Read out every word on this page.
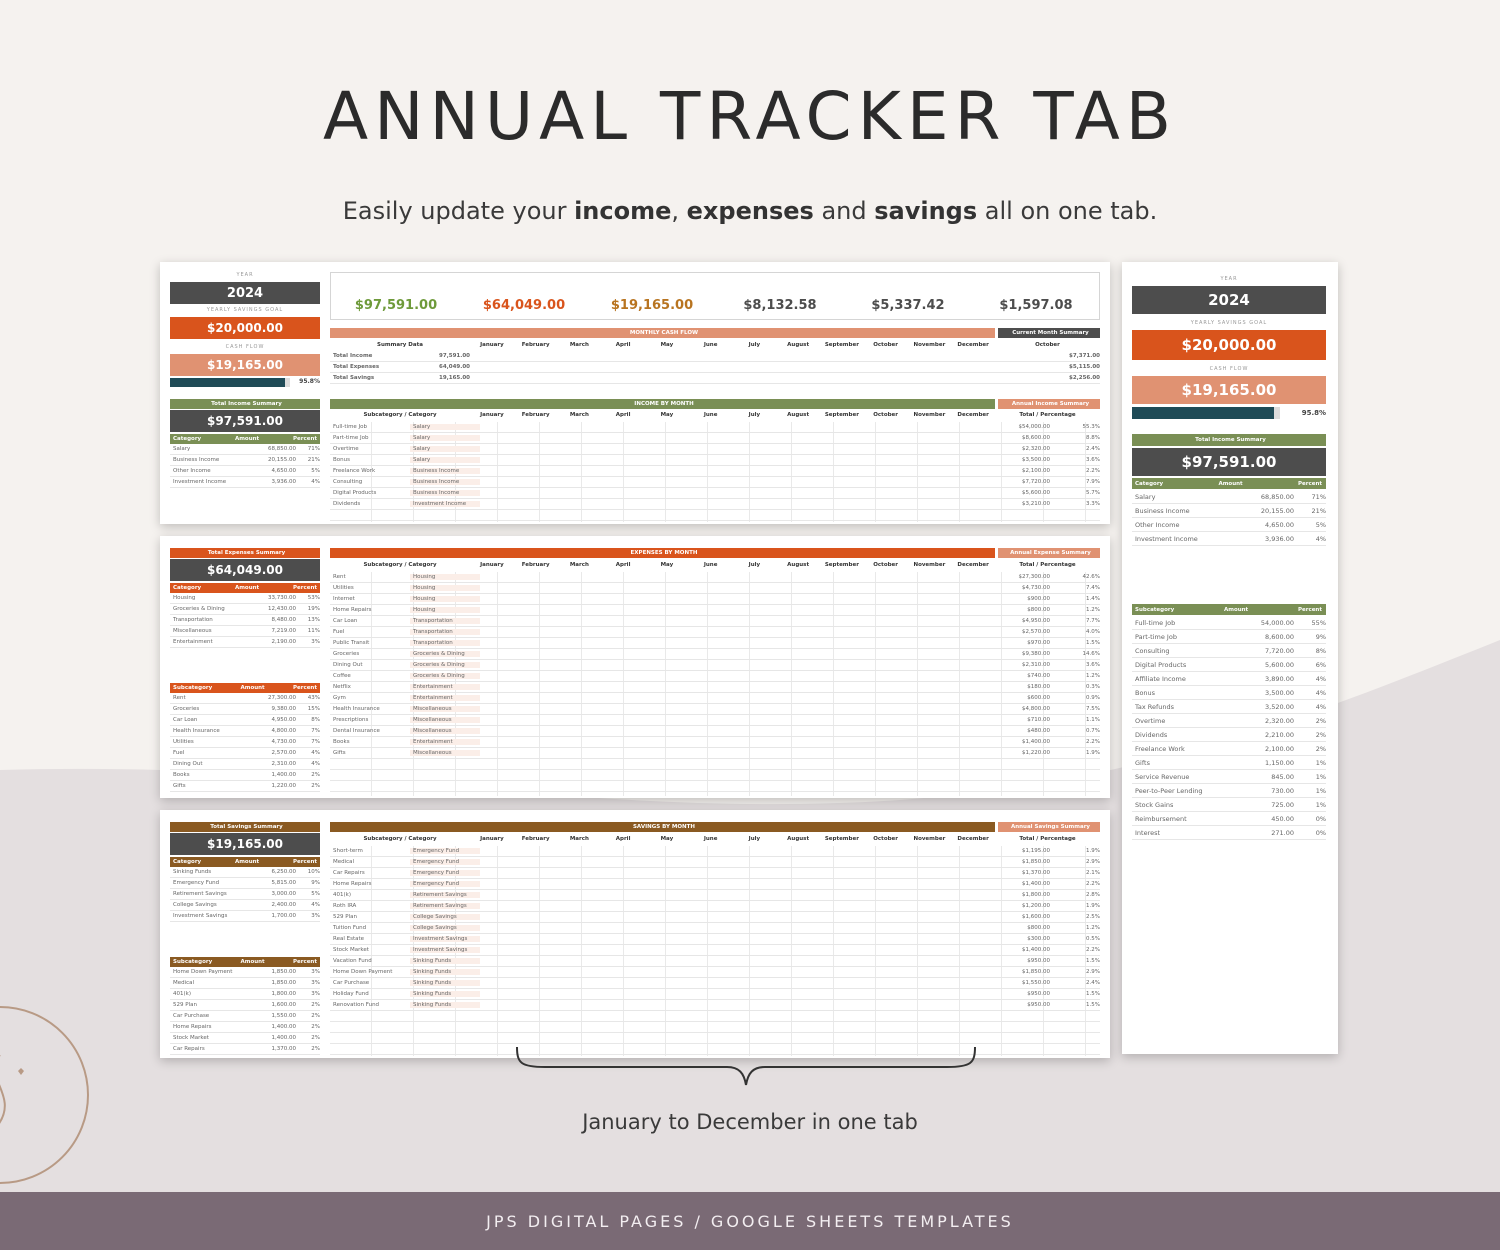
ANNUAL TRACKER TAB
Easily update your income, expenses and savings all on one tab.
YEAR
2024
YEARLY SAVINGS GOAL
$20,000.00
CASH FLOW
$19,165.00
95.8%

$97,591.00
	$64,049.00
	$19,165.00
	$8,132.58
	$5,337.42
	$1,597.08
MONTHLY CASH FLOW	Current Month Summary
Summary Data	January	February	March	April	May	June	July	August	September	October	November	December	October
Total Income	97,591.00	$7,371.00
Total Expenses	64,049.00	$5,115.00
Total Savings	19,165.00	$2,256.00
Total Income Summary
$97,591.00
Category	Amount	Percent
Salary	68,850.00	71%
Business Income	20,155.00	21%
Other Income	4,650.00	5%
Investment Income	3,936.00	4%
INCOME BY MONTH	Annual Income Summary
Subcategory / Category	January	February	March	April	May	June	July	August	September	October	November	December	Total / Percentage
Full-time Job	Salary	$54,000.00	55.3%
Part-time Job	Salary	$8,600.00	8.8%
Overtime	Salary	$2,320.00	2.4%
Bonus	Salary	$3,500.00	3.6%
Freelance Work	Business Income	$2,100.00	2.2%
Consulting	Business Income	$7,720.00	7.9%
Digital Products	Business Income	$5,600.00	5.7%
Dividends	Investment Income	$3,210.00	3.3%
Total Expenses Summary
$64,049.00
Category	Amount	Percent
Housing	33,730.00	53%
Groceries & Dining	12,430.00	19%
Transportation	8,480.00	13%
Miscellaneous	7,219.00	11%
Entertainment	2,190.00	3%
Subcategory	Amount	Percent
Rent	27,300.00	43%
Groceries	9,380.00	15%
Car Loan	4,950.00	8%
Health Insurance	4,800.00	7%
Utilities	4,730.00	7%
Fuel	2,570.00	4%
Dining Out	2,310.00	4%
Books	1,400.00	2%
Gifts	1,220.00	2%
EXPENSES BY MONTH	Annual Expense Summary
Subcategory / Category	January	February	March	April	May	June	July	August	September	October	November	December	Total / Percentage
Rent	Housing	$27,300.00	42.6%
Utilities	Housing	$4,730.00	7.4%
Internet	Housing	$900.00	1.4%
Home Repairs	Housing	$800.00	1.2%
Car Loan	Transportation	$4,950.00	7.7%
Fuel	Transportation	$2,570.00	4.0%
Public Transit	Transportation	$970.00	1.5%
Groceries	Groceries & Dining	$9,380.00	14.6%
Dining Out	Groceries & Dining	$2,310.00	3.6%
Coffee	Groceries & Dining	$740.00	1.2%
Netflix	Entertainment	$180.00	0.3%
Gym	Entertainment	$600.00	0.9%
Health Insurance	Miscellaneous	$4,800.00	7.5%
Prescriptions	Miscellaneous	$710.00	1.1%
Dental Insurance	Miscellaneous	$480.00	0.7%
Books	Entertainment	$1,400.00	2.2%
Gifts	Miscellaneous	$1,220.00	1.9%
Total Savings Summary
$19,165.00
Category	Amount	Percent
Sinking Funds	6,250.00	10%
Emergency Fund	5,815.00	9%
Retirement Savings	3,000.00	5%
College Savings	2,400.00	4%
Investment Savings	1,700.00	3%
Subcategory	Amount	Percent
Home Down Payment	1,850.00	3%
Medical	1,850.00	3%
401(k)	1,800.00	3%
529 Plan	1,600.00	2%
Car Purchase	1,550.00	2%
Home Repairs	1,400.00	2%
Stock Market	1,400.00	2%
Car Repairs	1,370.00	2%
SAVINGS BY MONTH	Annual Savings Summary
Subcategory / Category	January	February	March	April	May	June	July	August	September	October	November	December	Total / Percentage
Short-term	Emergency Fund	$1,195.00	1.9%
Medical	Emergency Fund	$1,850.00	2.9%
Car Repairs	Emergency Fund	$1,370.00	2.1%
Home Repairs	Emergency Fund	$1,400.00	2.2%
401(k)	Retirement Savings	$1,800.00	2.8%
Roth IRA	Retirement Savings	$1,200.00	1.9%
529 Plan	College Savings	$1,600.00	2.5%
Tuition Fund	College Savings	$800.00	1.2%
Real Estate	Investment Savings	$300.00	0.5%
Stock Market	Investment Savings	$1,400.00	2.2%
Vacation Fund	Sinking Funds	$950.00	1.5%
Home Down Payment	Sinking Funds	$1,850.00	2.9%
Car Purchase	Sinking Funds	$1,550.00	2.4%
Holiday Fund	Sinking Funds	$950.00	1.5%
Renovation Fund	Sinking Funds	$950.00	1.5%
YEAR
2024
YEARLY SAVINGS GOAL
$20,000.00
CASH FLOW
$19,165.00
95.8%
Total Income Summary
$97,591.00
Category	Amount	Percent
Salary	68,850.00	71%
Business Income	20,155.00	21%
Other Income	4,650.00	5%
Investment Income	3,936.00	4%
Subcategory	Amount	Percent
Full-time Job	54,000.00	55%
Part-time Job	8,600.00	9%
Consulting	7,720.00	8%
Digital Products	5,600.00	6%
Affiliate Income	3,890.00	4%
Bonus	3,500.00	4%
Tax Refunds	3,520.00	4%
Overtime	2,320.00	2%
Dividends	2,210.00	2%
Freelance Work	2,100.00	2%
Gifts	1,150.00	1%
Service Revenue	845.00	1%
Peer-to-Peer Lending	730.00	1%
Stock Gains	725.00	1%
Reimbursement	450.00	0%
Interest	271.00	0%
January to December in one tab
JPS DIGITAL PAGES / GOOGLE SHEETS TEMPLATES
